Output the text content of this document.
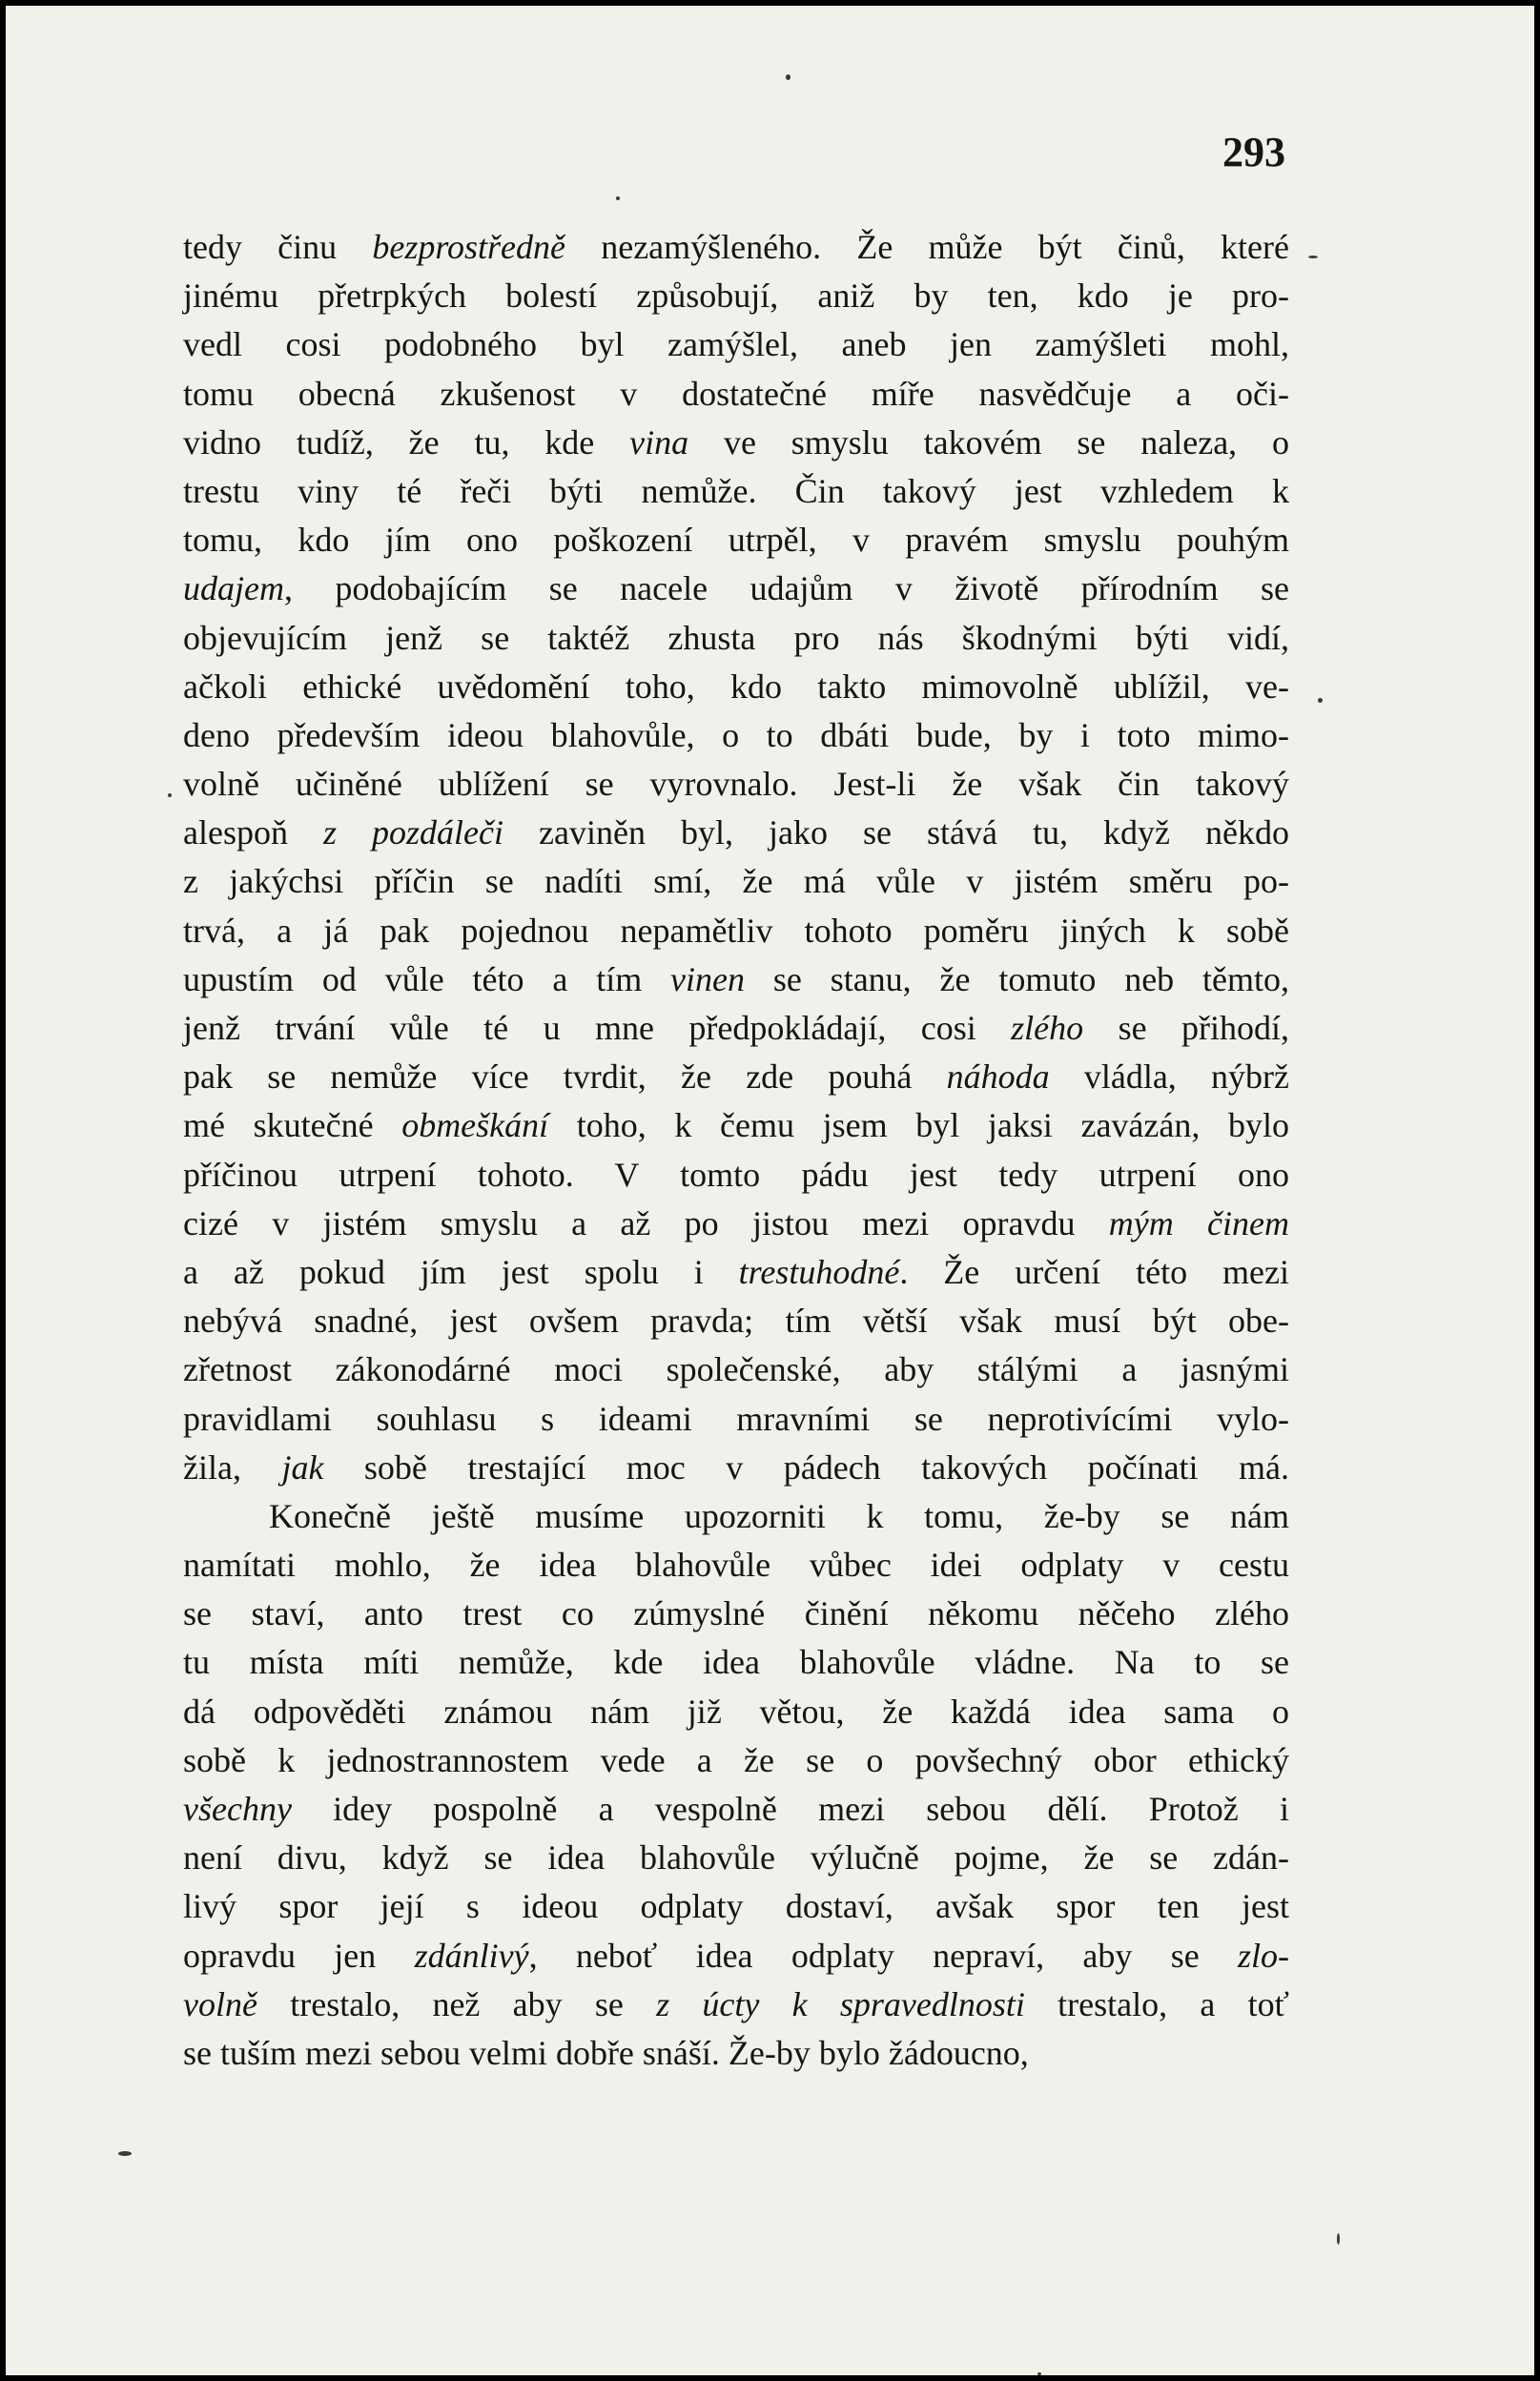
293

tedy činu bezprostředně nezamýšleného. Že může být činů, které
jinému přetrpkých bolestí způsobují, aniž by ten, kdo je pro-
vedl cosi podobného byl zamýšlel, aneb jen zamýšleti mohl,
tomu obecná zkušenost v dostatečné míře nasvědčuje a oči-
vidno tudíž, že tu, kde vina ve smyslu takovém se naleza, o
trestu viny té řeči býti nemůže. Čin takový jest vzhledem k
tomu, kdo jím ono poškození utrpěl, v pravém smyslu pouhým
udajem, podobajícím se nacele udajům v životě přírodním se
objevujícím jenž se taktéž zhusta pro nás škodnými býti vidí,
ačkoli ethické uvědomění toho, kdo takto mimovolně ublížil, ve-
deno především ideou blahovůle, o to dbáti bude, by i toto mimo-
volně učiněné ublížení se vyrovnalo. Jest-li že však čin takový
alespoň z pozdáleči zaviněn byl, jako se stává tu, když někdo
z jakýchsi příčin se nadíti smí, že má vůle v jistém směru po-
trvá, a já pak pojednou nepamětliv tohoto poměru jiných k sobě
upustím od vůle této a tím vinen se stanu, že tomuto neb těmto,
jenž trvání vůle té u mne předpokládají, cosi zlého se přihodí,
pak se nemůže více tvrdit, že zde pouhá náhoda vládla, nýbrž
mé skutečné obmeškání toho, k čemu jsem byl jaksi zavázán, bylo
příčinou utrpení tohoto. V tomto pádu jest tedy utrpení ono
cizé v jistém smyslu a až po jistou mezi opravdu mým činem
a až pokud jím jest spolu i trestuhodné. Že určení této mezi
nebývá snadné, jest ovšem pravda; tím větší však musí být obe-
zřetnost zákonodárné moci společenské, aby stálými a jasnými
pravidlami souhlasu s ideami mravními se neprotivícími vylo-
žila, jak sobě trestající moc v pádech takových počínati má.
Konečně ještě musíme upozorniti k tomu, že-by se nám
namítati mohlo, že idea blahovůle vůbec idei odplaty v cestu
se staví, anto trest co zúmyslné činění někomu něčeho zlého
tu místa míti nemůže, kde idea blahovůle vládne. Na to se
dá odpověděti známou nám již větou, že každá idea sama o
sobě k jednostrannostem vede a že se o povšechný obor ethický
všechny idey pospolně a vespolně mezi sebou dělí. Protož i
není divu, když se idea blahovůle výlučně pojme, že se zdán-
livý spor její s ideou odplaty dostaví, avšak spor ten jest
opravdu jen zdánlivý, neboť idea odplaty nepraví, aby se zlo-
volně trestalo, než aby se z úcty k spravedlnosti trestalo, a toť
se tuším mezi sebou velmi dobře snáší. Že-by bylo žádoucno,
